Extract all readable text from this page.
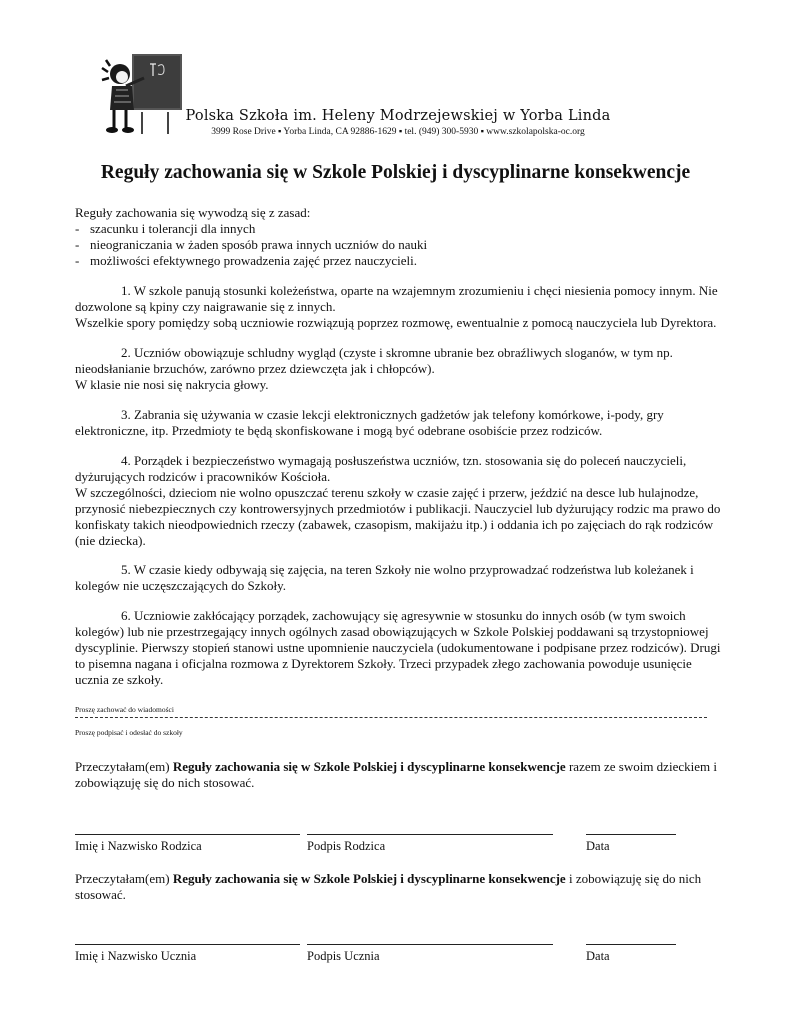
Polska Szkoła im. Heleny Modrzejewskiej w Yorba Linda
3999 Rose Drive ▪ Yorba Linda, CA 92886-1629 ▪ tel. (949) 300-5930 ▪ www.szkolapolska-oc.org
Reguły zachowania się w Szkole Polskiej i dyscyplinarne konsekwencje
Reguły zachowania się wywodzą się z zasad:
- szacunku i tolerancji dla innych
- nieograniczania w żaden sposób prawa innych uczniów do nauki
- możliwości efektywnego prowadzenia zajęć przez nauczycieli.
1. W szkole panują stosunki koleżeństwa, oparte na wzajemnym zrozumieniu i chęci niesienia pomocy innym. Nie
dozwolone są kpiny czy naigrawanie się z innych.
Wszelkie spory pomiędzy sobą uczniowie rozwiązują poprzez rozmowę, ewentualnie z pomocą nauczyciela lub Dyrektora.
2. Uczniów obowiązuje schludny wygląd (czyste i skromne ubranie bez obraźliwych sloganów, w tym np.
nieodsłanianie brzuchów, zarówno przez dziewczęta jak i chłopców).
W klasie nie nosi się nakrycia głowy.
3. Zabrania się używania w czasie lekcji elektronicznych gadżetów jak telefony komórkowe, i-pody, gry
elektroniczne, itp. Przedmioty te będą skonfiskowane i mogą być odebrane osobiście przez rodziców.
4. Porządek i bezpieczeństwo wymagają posłuszeństwa uczniów, tzn. stosowania się do poleceń nauczycieli,
dyżurujących rodziców i pracowników Kościoła.
W szczególności, dzieciom nie wolno opuszczać terenu szkoły w czasie zajęć i przerw, jeździć na desce lub hulajnodze,
przynosić niebezpiecznych czy kontrowersyjnych przedmiotów i publikacji. Nauczyciel lub dyżurujący rodzic ma prawo do
konfiskaty takich nieodpowiednich rzeczy (zabawek, czasopism, makijażu itp.) i oddania ich po zajęciach do rąk rodziców
(nie dziecka).
5. W czasie kiedy odbywają się zajęcia, na teren Szkoły nie wolno przyprowadzać rodzeństwa lub koleżanek i
kolegów nie uczęszczających do Szkoły.
6. Uczniowie zakłócający porządek, zachowujący się agresywnie w stosunku do innych osób (w tym swoich
kolegów) lub nie przestrzegający innych ogólnych zasad obowiązujących w Szkole Polskiej poddawani są trzystopniowej
dyscyplinie. Pierwszy stopień stanowi ustne upomnienie nauczyciela (udokumentowane i podpisane przez rodziców). Drugi
to pisemna nagana i oficjalna rozmowa z Dyrektorem Szkoły. Trzeci przypadek złego zachowania powoduje usunięcie
ucznia ze szkoły.
Proszę zachować do wiadomości
Proszę podpisać i odesłać do szkoły
Przeczytałam(em) Reguły zachowania się w Szkole Polskiej i dyscyplinarne konsekwencje razem ze swoim dzieckiem i
zobowiązuję się do nich stosować.
Imię i Nazwisko Rodzica	Podpis Rodzica	Data
Przeczytałam(em) Reguły zachowania się w Szkole Polskiej i dyscyplinarne konsekwencje i zobowiązuję się do nich
stosować.
Imię i Nazwisko Ucznia	Podpis Ucznia	Data
